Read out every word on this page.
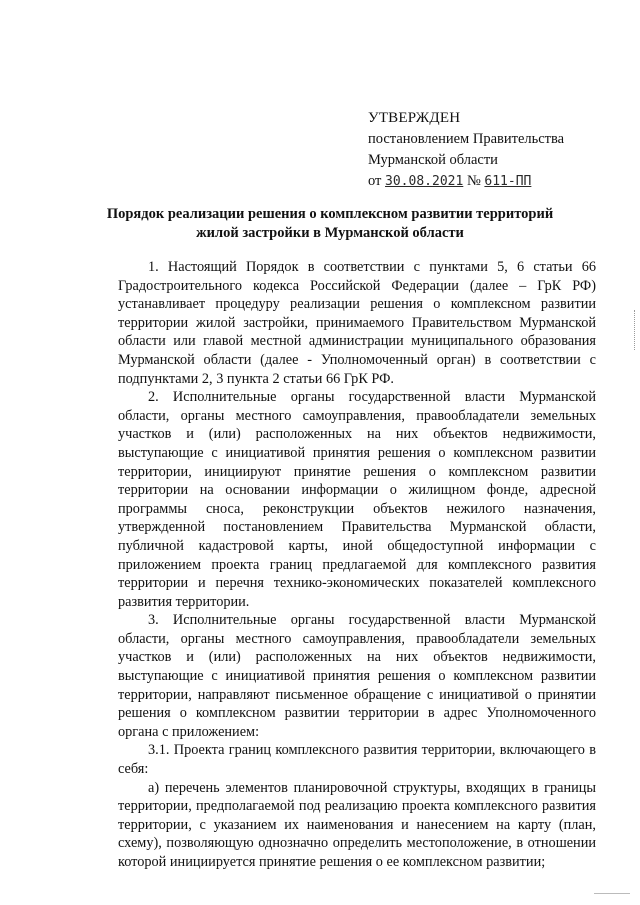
УТВЕРЖДЕН
постановлением Правительства
Мурманской области
от 30.08.2021 № 611-ПП
Порядок реализации решения о комплексном развитии территорий
жилой застройки в Мурманской области

1. Настоящий Порядок в соответствии с пунктами 5, 6 статьи 66 Градостроительного кодекса Российской Федерации (далее – ГрК РФ) устанавливает процедуру реализации решения о комплексном развитии территории жилой застройки, принимаемого Правительством Мурманской области или главой местной администрации муниципального образования Мурманской области (далее - Уполномоченный орган) в соответствии с подпунктами 2, 3 пункта 2 статьи 66 ГрК РФ.

2. Исполнительные органы государственной власти Мурманской области, органы местного самоуправления, правообладатели земельных участков и (или) расположенных на них объектов недвижимости, выступающие с инициативой принятия решения о комплексном развитии территории, инициируют принятие решения о комплексном развитии территории на основании информации о жилищном фонде, адресной программы сноса, реконструкции объектов нежилого назначения, утвержденной постановлением Правительства Мурманской области, публичной кадастровой карты, иной общедоступной информации с приложением проекта границ предлагаемой для комплексного развития территории и перечня технико-экономических показателей комплексного развития территории.

3. Исполнительные органы государственной власти Мурманской области, органы местного самоуправления, правообладатели земельных участков и (или) расположенных на них объектов недвижимости, выступающие с инициативой принятия решения о комплексном развитии территории, направляют письменное обращение с инициативой о принятии решения о комплексном развитии территории в адрес Уполномоченного органа с приложением:

3.1. Проекта границ комплексного развития территории, включающего в себя:

а) перечень элементов планировочной структуры, входящих в границы территории, предполагаемой под реализацию проекта комплексного развития территории, с указанием их наименования и нанесением на карту (план, схему), позволяющую однозначно определить местоположение, в отношении которой инициируется принятие решения о ее комплексном развитии;
